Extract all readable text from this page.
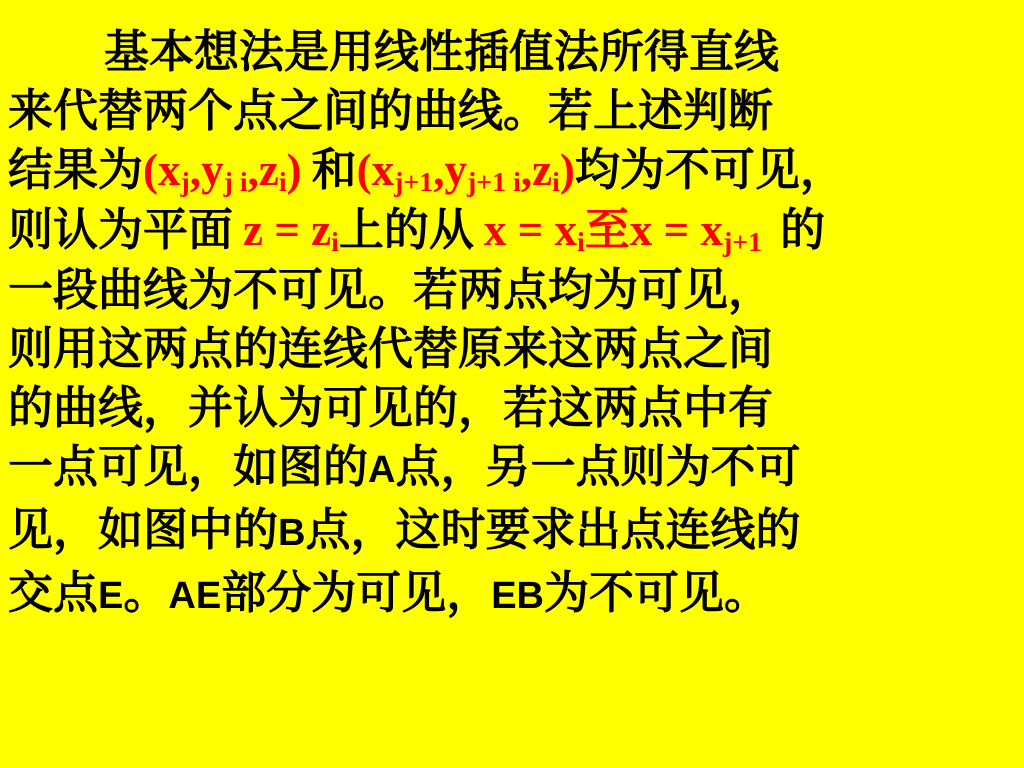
基本想法是用线性插值法所得直线
来代替两个点之间的曲线。若上述判断
结果为$(x_j,y_{j i},z_i)$ 和$(x_{j+1},y_{j+1 i},z_i)$均为不可见，
则认为平面 $z = z_i$上的从 $x = x_i$至$x = x_{j+1}$ 的
一段曲线为不可见。若两点均为可见，
则用这两点的连线代替原来这两点之间
的曲线，并认为可见的，若这两点中有
一点可见，如图的A点，另一点则为不可
见，如图中的B点，这时要求出点连线的
交点E。AE部分为可见，EB为不可见。
